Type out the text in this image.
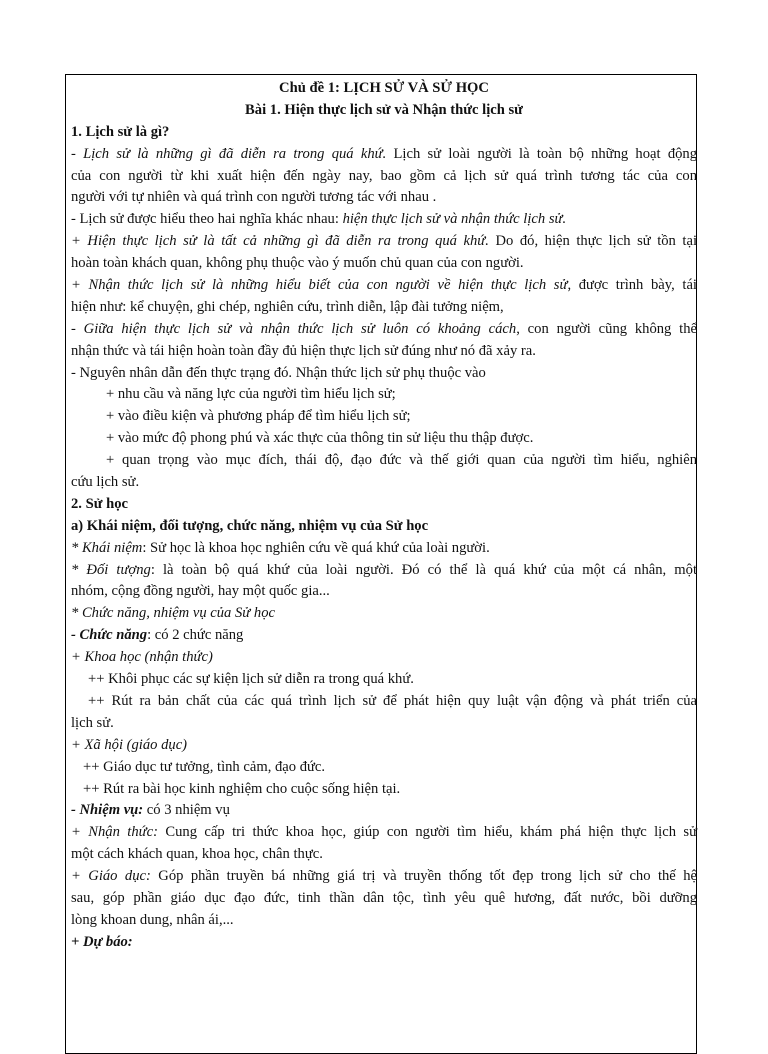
Chủ đề 1: LỊCH SỬ VÀ SỬ HỌC
Bài 1. Hiện thực lịch sử và Nhận thức lịch sử
1. Lịch sử là gì?
- Lịch sử là những gì đã diễn ra trong quá khứ. Lịch sử loài người là toàn bộ những hoạt động
của con người từ khi xuất hiện đến ngày nay, bao gồm cả lịch sử quá trình tương tác của con
người với tự nhiên và quá trình con người tương tác với nhau .
- Lịch sử được hiểu theo hai nghĩa khác nhau: hiện thực lịch sử và nhận thức lịch sử.
+ Hiện thực lịch sử là tất cả những gì đã diễn ra trong quá khứ. Do đó, hiện thực lịch sử tồn tại
hoàn toàn khách quan, không phụ thuộc vào ý muốn chủ quan của con người.
+ Nhận thức lịch sử là những hiểu biết của con người về hiện thực lịch sử, được trình bày, tái
hiện như: kể chuyện, ghi chép, nghiên cứu, trình diễn, lập đài tưởng niệm,
- Giữa hiện thực lịch sử và nhận thức lịch sử luôn có khoảng cách, con người cũng không thể
nhận thức và tái hiện hoàn toàn đầy đủ hiện thực lịch sử đúng như nó đã xảy ra.
- Nguyên nhân dẫn đến thực trạng đó. Nhận thức lịch sử phụ thuộc vào
+ nhu cầu và năng lực của người tìm hiểu lịch sử;
+ vào điều kiện và phương pháp để tìm hiểu lịch sử;
+ vào mức độ phong phú và xác thực của thông tin sử liệu thu thập được.
+ quan trọng vào mục đích, thái độ, đạo đức và thế giới quan của người tìm hiểu, nghiên
cứu lịch sử.
2. Sử học
a) Khái niệm, đối tượng, chức năng, nhiệm vụ của Sử học
* Khái niệm: Sử học là khoa học nghiên cứu về quá khứ của loài người.
* Đối tượng: là toàn bộ quá khứ của loài người. Đó có thể là quá khứ của một cá nhân, một
nhóm, cộng đồng người, hay một quốc gia...
* Chức năng, nhiệm vụ của Sử học
- Chức năng: có 2 chức năng
+ Khoa học (nhận thức)
++ Khôi phục các sự kiện lịch sử diễn ra trong quá khứ.
++ Rút ra bản chất của các quá trình lịch sử để phát hiện quy luật vận động và phát triển của
lịch sử.
+ Xã hội (giáo dục)
++ Giáo dục tư tưởng, tình cảm, đạo đức.
++ Rút ra bài học kinh nghiệm cho cuộc sống hiện tại.
- Nhiệm vụ: có 3 nhiệm vụ
+ Nhận thức: Cung cấp tri thức khoa học, giúp con người tìm hiểu, khám phá hiện thực lịch sử
một cách khách quan, khoa học, chân thực.
+ Giáo dục: Góp phần truyền bá những giá trị và truyền thống tốt đẹp trong lịch sử cho thế hệ
sau, góp phần giáo dục đạo đức, tinh thần dân tộc, tình yêu quê hương, đất nước, bồi dưỡng
lòng khoan dung, nhân ái,...
+ Dự báo:
